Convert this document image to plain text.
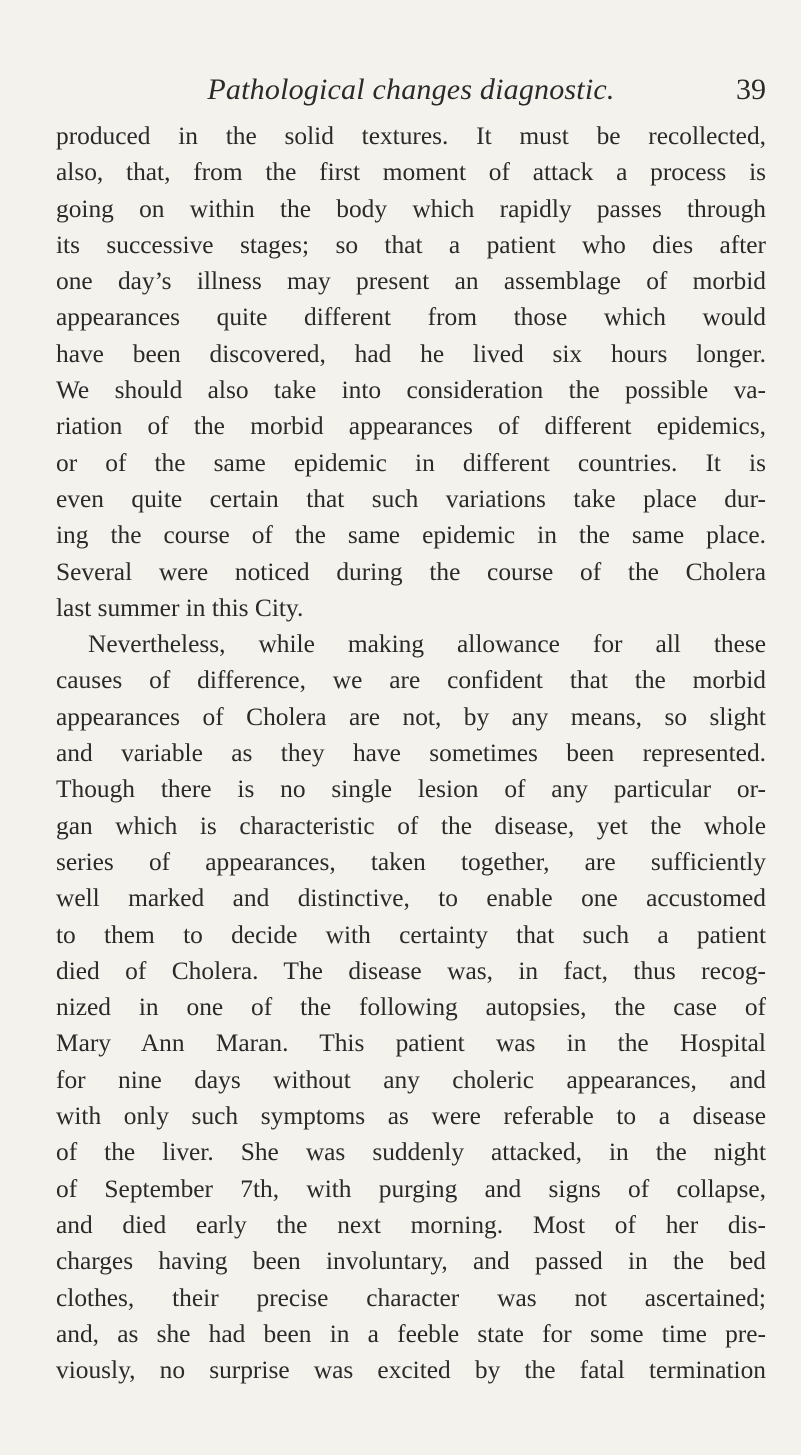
Pathological changes diagnostic.	39
produced in the solid textures. It must be recollected,
also, that, from the first moment of attack a process is
going on within the body which rapidly passes through
its successive stages; so that a patient who dies after
one day’s illness may present an assemblage of morbid
appearances quite different from those which would
have been discovered, had he lived six hours longer.
We should also take into consideration the possible va-
riation of the morbid appearances of different epidemics,
or of the same epidemic in different countries. It is
even quite certain that such variations take place dur-
ing the course of the same epidemic in the same place.
Several were noticed during the course of the Cholera
last summer in this City.
Nevertheless, while making allowance for all these
causes of difference, we are confident that the morbid
appearances of Cholera are not, by any means, so slight
and variable as they have sometimes been represented.
Though there is no single lesion of any particular or-
gan which is characteristic of the disease, yet the whole
series of appearances, taken together, are sufficiently
well marked and distinctive, to enable one accustomed
to them to decide with certainty that such a patient
died of Cholera. The disease was, in fact, thus recog-
nized in one of the following autopsies, the case of
Mary Ann Maran. This patient was in the Hospital
for nine days without any choleric appearances, and
with only such symptoms as were referable to a disease
of the liver. She was suddenly attacked, in the night
of September 7th, with purging and signs of collapse,
and died early the next morning. Most of her dis-
charges having been involuntary, and passed in the bed
clothes, their precise character was not ascertained;
and, as she had been in a feeble state for some time pre-
viously, no surprise was excited by the fatal termination
